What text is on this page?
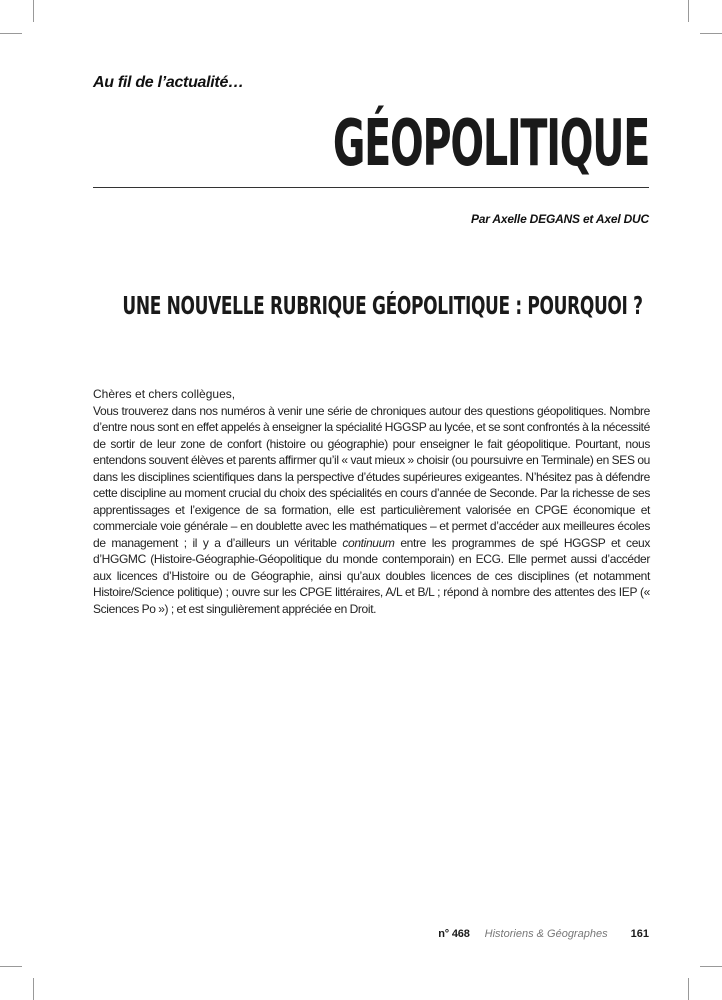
Au fil de l’actualité…
GÉOPOLITIQUE
Par Axelle DEGANS et Axel DUC
UNE NOUVELLE RUBRIQUE GÉOPOLITIQUE : POURQUOI ?

Chères et chers collègues,

Vous trouverez dans nos numéros à venir une série de chroniques autour des questions géopolitiques. Nombre d’entre nous sont en effet appelés à enseigner la spécialité HGGSP au lycée, et se sont confrontés à la nécessité de sortir de leur zone de confort (histoire ou géographie) pour enseigner le fait géopolitique. Pourtant, nous entendons souvent élèves et parents affirmer qu’il « vaut mieux » choisir (ou poursuivre en Terminale) en SES ou dans les disciplines scientifiques dans la perspective d’études supérieures exigeantes. N’hésitez pas à défendre cette discipline au moment crucial du choix des spécialités en cours d’année de Seconde. Par la richesse de ses apprentissages et l’exigence de sa formation, elle est particulièrement valorisée en CPGE économique et commerciale voie générale – en doublette avec les mathématiques – et permet d’accéder aux meilleures écoles de management ; il y a d’ailleurs un véritable continuum entre les programmes de spé HGGSP et ceux d’HGGMC (Histoire-Géographie-Géopolitique du monde contemporain) en ECG. Elle permet aussi d’accéder aux licences d’Histoire ou de Géographie, ainsi qu’aux doubles licences de ces disciplines (et notamment Histoire/Science politique) ; ouvre sur les CPGE littéraires, A/L et B/L ; répond à nombre des attentes des IEP (« Sciences Po ») ; et est singulièrement appréciée en Droit.

n° 468 Historiens & Géographes 161
